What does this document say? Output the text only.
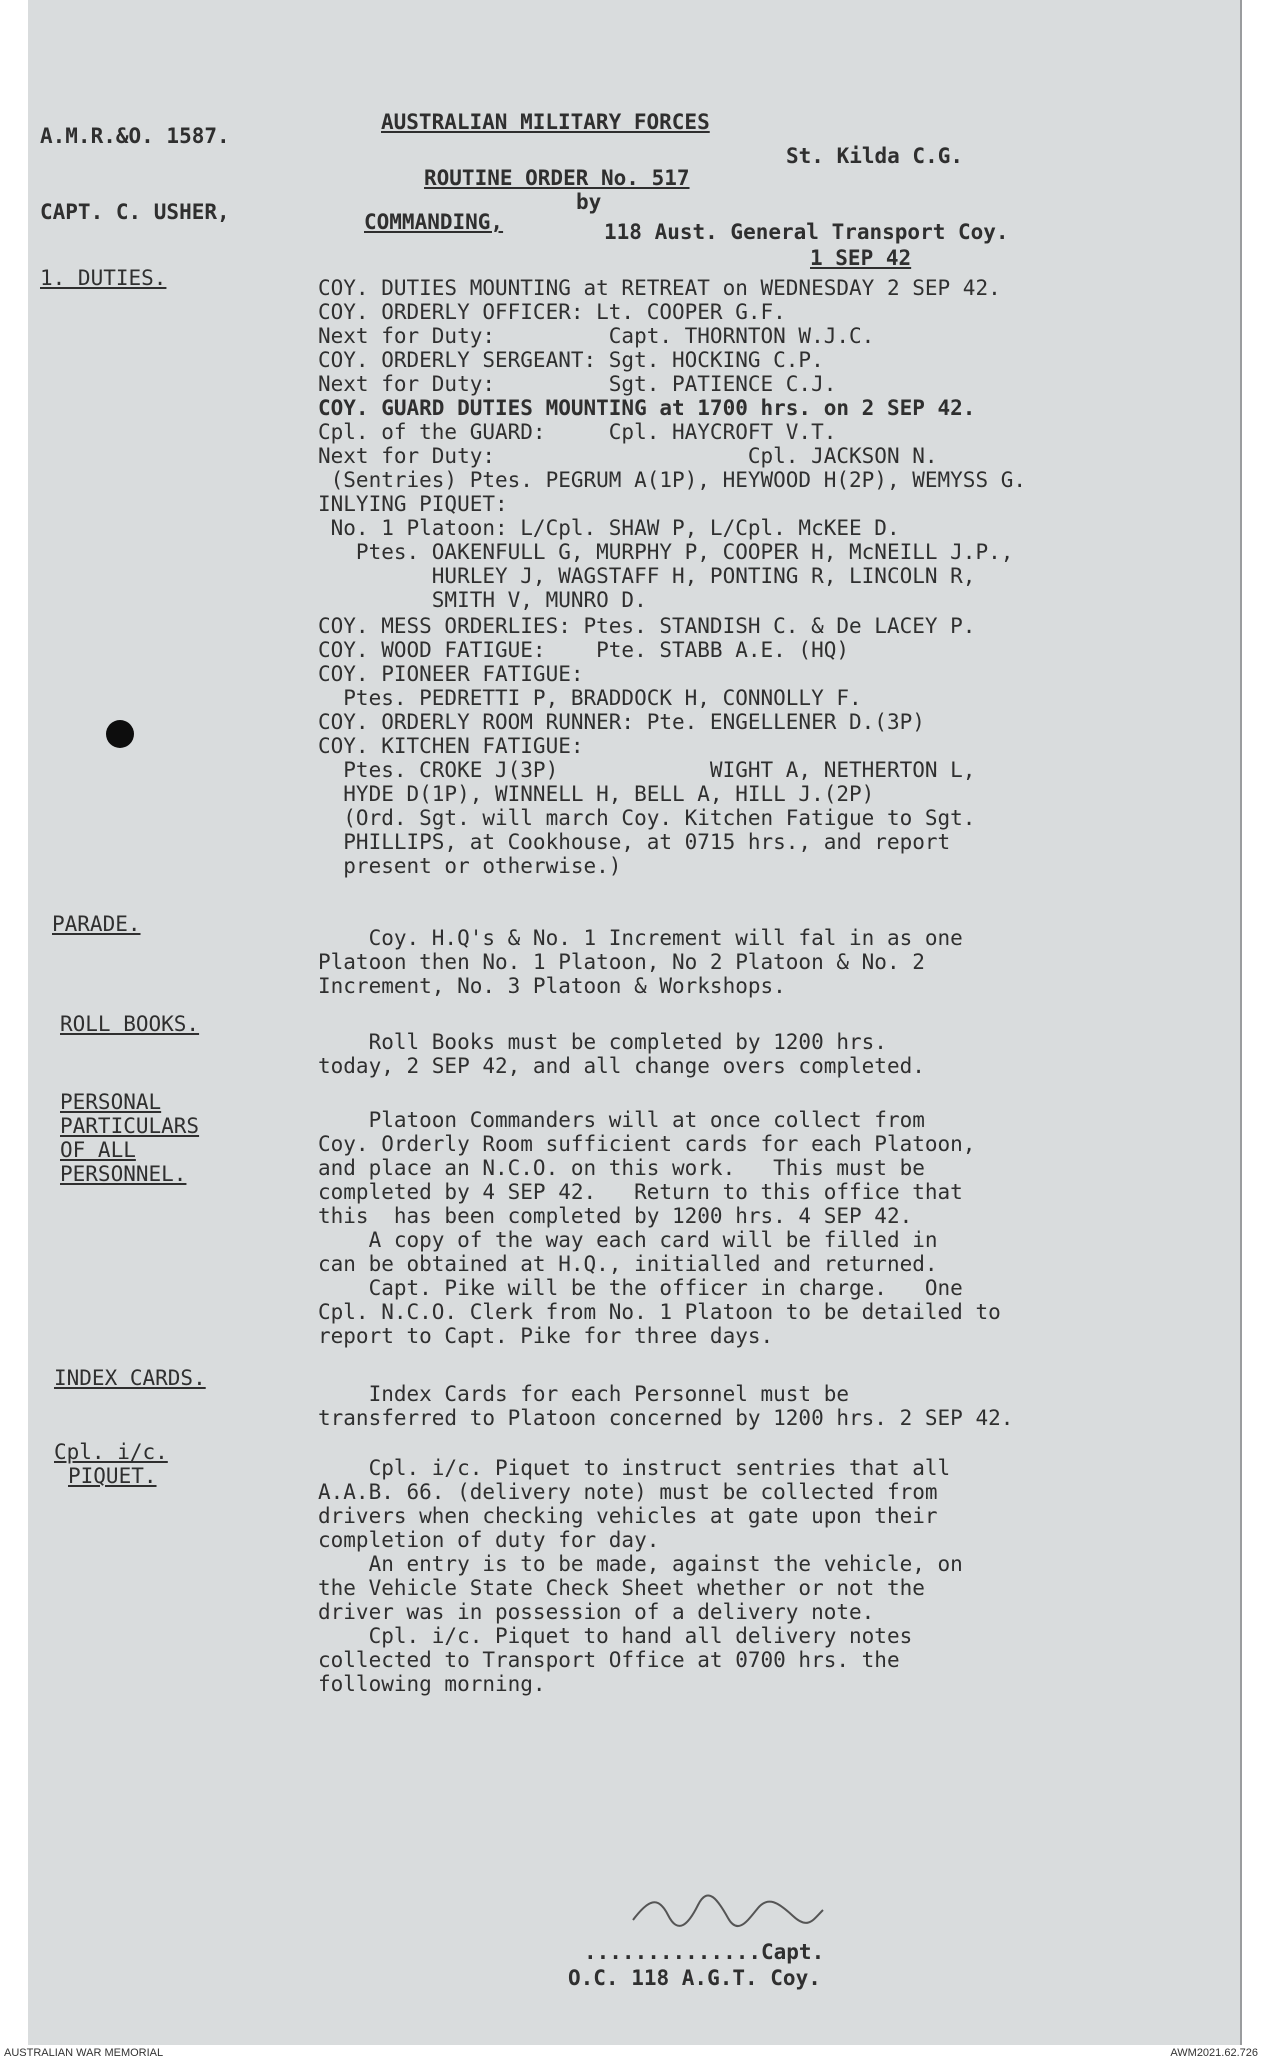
A.M.R.&O. 1587.
AUSTRALIAN MILITARY FORCES
St. Kilda C.G.
ROUTINE ORDER No. 517
by
CAPT. C. USHER,	COMMANDING,	118 Aust. General Transport Coy.
1 SEP 42
1. DUTIES.	COY. DUTIES MOUNTING at RETREAT on WEDNESDAY 2 SEP 42.
COY. ORDERLY OFFICER: Lt. COOPER G.F.
Next for Duty:         Capt. THORNTON W.J.C.
COY. ORDERLY SERGEANT: Sgt. HOCKING C.P.
Next for Duty:         Sgt. PATIENCE C.J.
COY. GUARD DUTIES MOUNTING at 1700 hrs. on 2 SEP 42.
Cpl. of the GUARD:     Cpl. HAYCROFT V.T.
Next for Duty:                    Cpl. JACKSON N.
(Sentries) Ptes. PEGRUM A(1P), HEYWOOD H(2P), WEMYSS G.
INLYING PIQUET:
No. 1 Platoon: L/Cpl. SHAW P, L/Cpl. McKEE D.
Ptes. OAKENFULL G, MURPHY P, COOPER H, McNEILL J.P.,
HURLEY J, WAGSTAFF H, PONTING R, LINCOLN R,
SMITH V, MUNRO D.
COY. MESS ORDERLIES: Ptes. STANDISH C. & De LACEY P.
COY. WOOD FATIGUE:    Pte. STABB A.E. (HQ)
COY. PIONEER FATIGUE:
Ptes. PEDRETTI P, BRADDOCK H, CONNOLLY F.
COY. ORDERLY ROOM RUNNER: Pte. ENGELLENER D.(3P)
COY. KITCHEN FATIGUE:
Ptes. CROKE J(3P)            WIGHT A, NETHERTON L,
HYDE D(1P), WINNELL H, BELL A, HILL J.(2P)
(Ord. Sgt. will march Coy. Kitchen Fatigue to Sgt.
PHILLIPS, at Cookhouse, at 0715 hrs., and report
present or otherwise.)
PARADE.
Coy. H.Q's & No. 1 Increment will fal in as one
Platoon then No. 1 Platoon, No 2 Platoon & No. 2
Increment, No. 3 Platoon & Workshops.
ROLL BOOKS.
Roll Books must be completed by 1200 hrs.
today, 2 SEP 42, and all change overs completed.
PERSONAL
PARTICULARS
OF ALL
PERSONNEL.
Platoon Commanders will at once collect from
Coy. Orderly Room sufficient cards for each Platoon,
and place an N.C.O. on this work.   This must be
completed by 4 SEP 42.   Return to this office that
this  has been completed by 1200 hrs. 4 SEP 42.
A copy of the way each card will be filled in
can be obtained at H.Q., initialled and returned.
Capt. Pike will be the officer in charge.   One
Cpl. N.C.O. Clerk from No. 1 Platoon to be detailed to
report to Capt. Pike for three days.
INDEX CARDS.
Index Cards for each Personnel must be
transferred to Platoon concerned by 1200 hrs. 2 SEP 42.
Cpl. i/c.
PIQUET.	Cpl. i/c. Piquet to instruct sentries that all
A.A.B. 66. (delivery note) must be collected from
drivers when checking vehicles at gate upon their
completion of duty for day.
An entry is to be made, against the vehicle, on
the Vehicle State Check Sheet whether or not the
driver was in possession of a delivery note.
Cpl. i/c. Piquet to hand all delivery notes
collected to Transport Office at 0700 hrs. the
following morning.
..............Capt.
O.C. 118 A.G.T. Coy.
AUSTRALIAN WAR MEMORIAL	AWM2021.62.726
